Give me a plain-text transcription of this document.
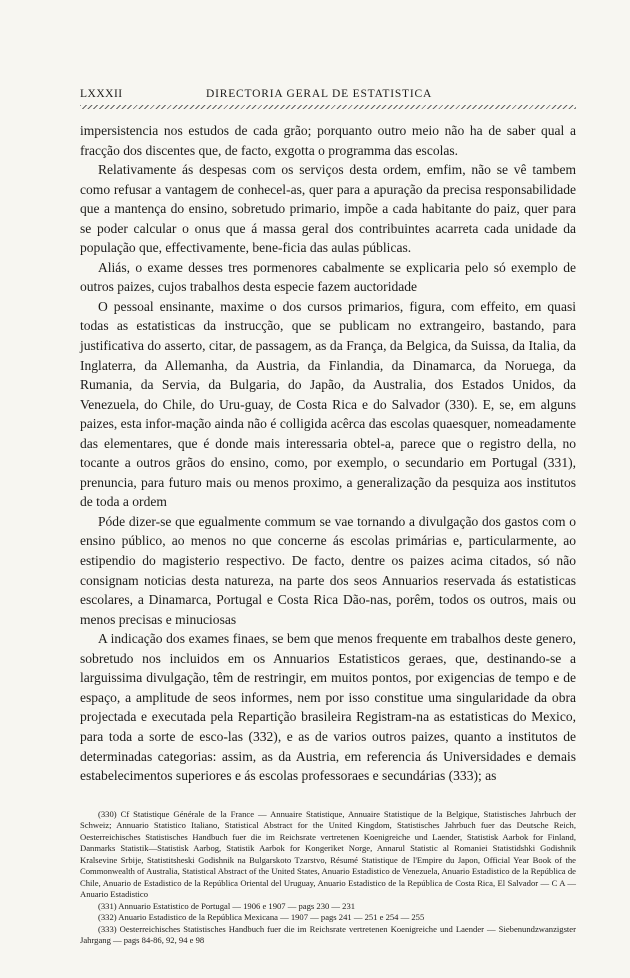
LXXXII	DIRECTORIA GERAL DE ESTATISTICA

impersistencia nos estudos de cada grão; porquanto outro meio não ha de saber qual a fracção dos discentes que, de facto, exgotta o programma das escolas.

Relativamente ás despesas com os serviços desta ordem, emfim, não se vê tambem como refusar a vantagem de conhecel-as, quer para a apuração da precisa responsabilidade que a mantença do ensino, sobretudo primario, impõe a cada habitante do paiz, quer para se poder calcular o onus que á massa geral dos contribuintes acarreta cada unidade da população que, effectivamente, bene-ficia das aulas públicas.

Aliás, o exame desses tres pormenores cabalmente se explicaria pelo só exemplo de outros paizes, cujos trabalhos desta especie fazem auctoridade

O pessoal ensinante, maxime o dos cursos primarios, figura, com effeito, em quasi todas as estatisticas da instrucção, que se publicam no extrangeiro, bastando, para justificativa do asserto, citar, de passagem, as da França, da Belgica, da Suissa, da Italia, da Inglaterra, da Allemanha, da Austria, da Finlandia, da Dinamarca, da Noruega, da Rumania, da Servia, da Bulgaria, do Japão, da Australia, dos Estados Unidos, da Venezuela, do Chile, do Uru-guay, de Costa Rica e do Salvador (330). E, se, em alguns paizes, esta infor-mação ainda não é colligida acêrca das escolas quaesquer, nomeadamente das elementares, que é donde mais interessaria obtel-a, parece que o registro della, no tocante a outros grãos do ensino, como, por exemplo, o secundario em Portugal (331), prenuncia, para futuro mais ou menos proximo, a generalização da pesquiza aos institutos de toda a ordem

Póde dizer-se que egualmente commum se vae tornando a divulgação dos gastos com o ensino público, ao menos no que concerne ás escolas primárias e, particularmente, ao estipendio do magisterio respectivo. De facto, dentre os paizes acima citados, só não consignam noticias desta natureza, na parte dos seos Annuarios reservada ás estatisticas escolares, a Dinamarca, Portugal e Costa Rica Dão-nas, porêm, todos os outros, mais ou menos precisas e minuciosas

A indicação dos exames finaes, se bem que menos frequente em trabalhos deste genero, sobretudo nos incluidos em os Annuarios Estatisticos geraes, que, destinando-se a larguissima divulgação, têm de restringir, em muitos pontos, por exigencias de tempo e de espaço, a amplitude de seos informes, nem por isso constitue uma singularidade da obra projectada e executada pela Repartição brasileira Registram-na as estatisticas do Mexico, para toda a sorte de esco-las (332), e as de varios outros paizes, quanto a institutos de determinadas categorias: assim, as da Austria, em referencia ás Universidades e demais estabelecimentos superiores e ás escolas professoraes e secundárias (333); as

(330) Cf Statistique Générale de la France — Annuaire Statistique, Annuaire Statistique de la Belgique, Statistisches Jahrbuch der Schweiz; Annuario Statistico Italiano, Statistical Abstract for the United Kingdom, Statistisches Jahrbuch fuer das Deutsche Reich, Oesterreichisches Statistisches Handbuch fuer die im Reichsrate vertretenen Koenigreiche und Laender, Statistisk Aarbok for Finland, Danmarks Statistik—Statistisk Aarbog, Statistik Aarbok for Kongeriket Norge, Annarul Statistic al Romaniei Statistidshki Godishnik Kralsevine Srbije, Statistitsheski Godishnik na Bulgarskoto Tzarstvo, Résumé Statistique de l'Empire du Japon, Official Year Book of the Commonwealth of Australia, Statistical Abstract of the United States, Anuario Estadistico de Venezuela, Anuario Estadistico de la República de Chile, Anuario de Estadistico de la República Oriental del Uruguay, Anuario Estadistico de la República de Costa Rica, El Salvador — C A — Anuario Estadistico

(331) Annuario Estatistico de Portugal — 1906 e 1907 — pags 230 — 231

(332) Anuario Estadistico de la República Mexicana — 1907 — pags 241 — 251 e 254 — 255

(333) Oesterreichisches Statistisches Handbuch fuer die im Reichsrate vertretenen Koenigreiche und Laender — Siebenundzwanzigster Jahrgang — pags 84-86, 92, 94 e 98
